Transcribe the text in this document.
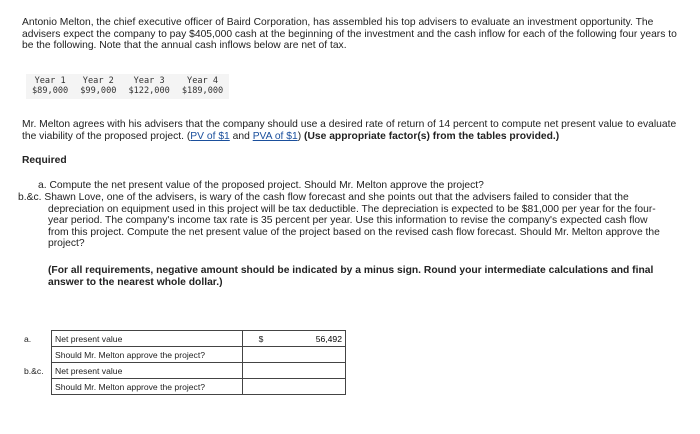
Antonio Melton, the chief executive officer of Baird Corporation, has assembled his top advisers to evaluate an investment opportunity. The advisers expect the company to pay $405,000 cash at the beginning of the investment and the cash inflow for each of the following four years to be the following. Note that the annual cash inflows below are net of tax.
Year 1	Year 2	Year 3	Year 4
$89,000	$99,000	$122,000	$189,000
Mr. Melton agrees with his advisers that the company should use a desired rate of return of 14 percent to compute net present value to evaluate the viability of the proposed project. (PV of $1 and PVA of $1) (Use appropriate factor(s) from the tables provided.)
Required
a. Compute the net present value of the proposed project. Should Mr. Melton approve the project?
b.&c. Shawn Love, one of the advisers, is wary of the cash flow forecast and she points out that the advisers failed to consider that the depreciation on equipment used in this project will be tax deductible. The depreciation is expected to be $81,000 per year for the four-year period. The company's income tax rate is 35 percent per year. Use this information to revise the company's expected cash flow from this project. Compute the net present value of the project based on the revised cash flow forecast. Should Mr. Melton approve the project?
(For all requirements, negative amount should be indicated by a minus sign. Round your intermediate calculations and final answer to the nearest whole dollar.)
a.	Net present value	$	56,492
	Should Mr. Melton approve the project?		
b.&c.	Net present value		
	Should Mr. Melton approve the project?		
